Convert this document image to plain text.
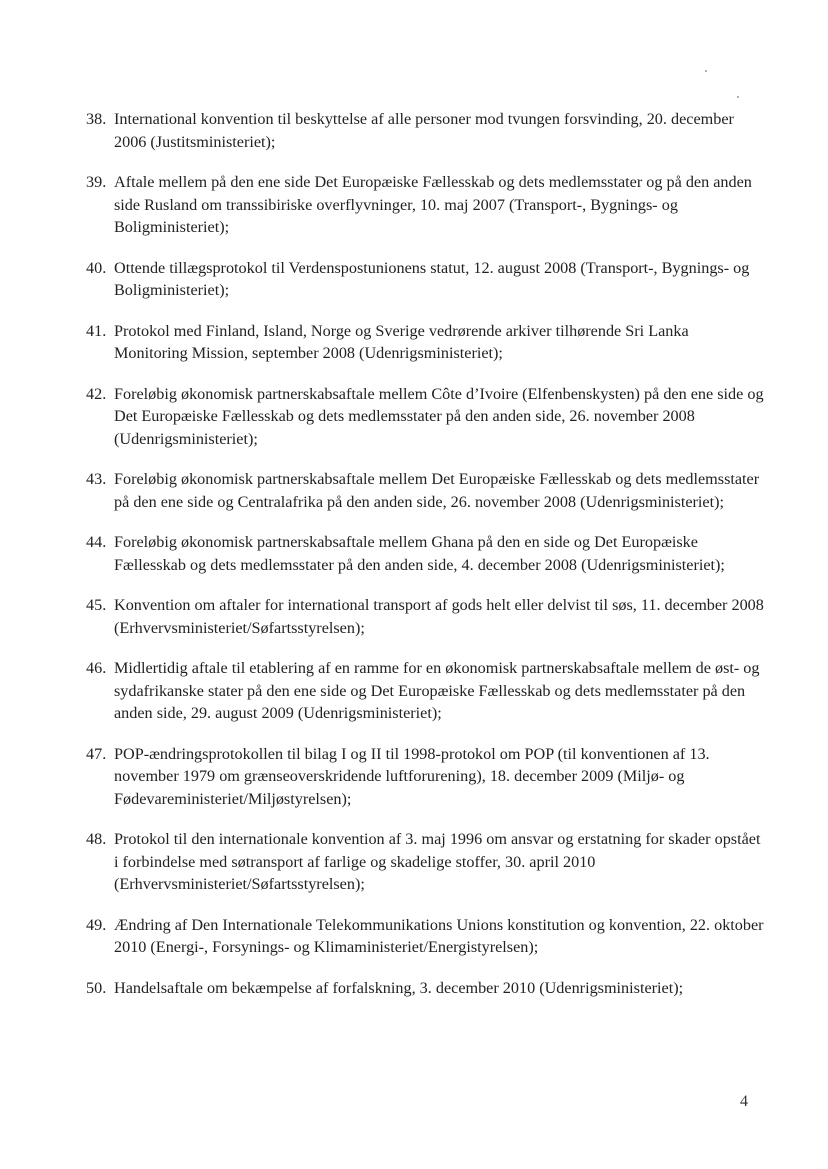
38. International konvention til beskyttelse af alle personer mod tvungen forsvinding, 20. december 2006 (Justitsministeriet);
39. Aftale mellem på den ene side Det Europæiske Fællesskab og dets medlemsstater og på den anden side Rusland om transsibiriske overflyvninger, 10. maj 2007 (Transport-, Bygnings- og Boligministeriet);
40. Ottende tillægsprotokol til Verdenspostunionens statut, 12. august 2008 (Transport-, Bygnings- og Boligministeriet);
41. Protokol med Finland, Island, Norge og Sverige vedrørende arkiver tilhørende Sri Lanka Monitoring Mission, september 2008 (Udenrigsministeriet);
42. Foreløbig økonomisk partnerskabsaftale mellem Côte d’Ivoire (Elfenbenskysten) på den ene side og Det Europæiske Fællesskab og dets medlemsstater på den anden side, 26. november 2008 (Udenrigsministeriet);
43. Foreløbig økonomisk partnerskabsaftale mellem Det Europæiske Fællesskab og dets medlemsstater på den ene side og Centralafrika på den anden side, 26. november 2008 (Udenrigsministeriet);
44. Foreløbig økonomisk partnerskabsaftale mellem Ghana på den en side og Det Europæiske Fællesskab og dets medlemsstater på den anden side, 4. december 2008 (Udenrigsministeriet);
45. Konvention om aftaler for international transport af gods helt eller delvist til søs, 11. december 2008 (Erhvervsministeriet/Søfartsstyrelsen);
46. Midlertidig aftale til etablering af en ramme for en økonomisk partnerskabsaftale mellem de øst- og sydafrikanske stater på den ene side og Det Europæiske Fællesskab og dets medlemsstater på den anden side, 29. august 2009 (Udenrigsministeriet);
47. POP-ændringsprotokollen til bilag I og II til 1998-protokol om POP (til konventionen af 13. november 1979 om grænseoverskridende luftforurening), 18. december 2009 (Miljø- og Fødevareministeriet/Miljøstyrelsen);
48. Protokol til den internationale konvention af 3. maj 1996 om ansvar og erstatning for skader opstået i forbindelse med søtransport af farlige og skadelige stoffer, 30. april 2010 (Erhvervsministeriet/Søfartsstyrelsen);
49. Ændring af Den Internationale Telekommunikations Unions konstitution og konvention, 22. oktober 2010 (Energi-, Forsynings- og Klimaministeriet/Energistyrelsen);
50. Handelsaftale om bekæmpelse af forfalskning, 3. december 2010 (Udenrigsministeriet);
4
